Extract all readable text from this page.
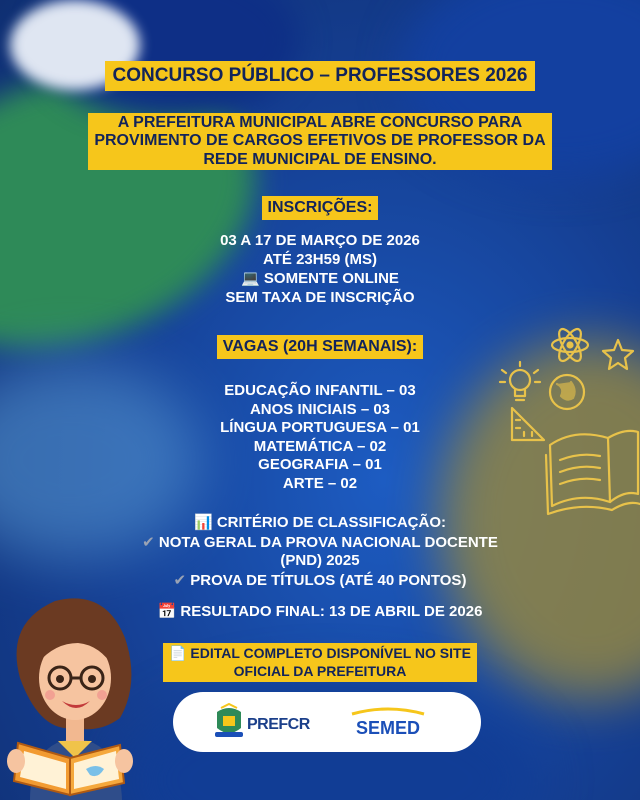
CONCURSO PÚBLICO – PROFESSORES 2026
A PREFEITURA MUNICIPAL ABRE CONCURSO PARA
PROVIMENTO DE CARGOS EFETIVOS DE PROFESSOR DA
REDE MUNICIPAL DE ENSINO.
INSCRIÇÕES:
03 A 17 DE MARÇO DE 2026
ATÉ 23H59 (MS)
💻 SOMENTE ONLINE
SEM TAXA DE INSCRIÇÃO
VAGAS (20H SEMANAIS):
EDUCAÇÃO INFANTIL – 03
ANOS INICIAIS – 03
LÍNGUA PORTUGUESA – 01
MATEMÁTICA – 02
GEOGRAFIA – 01
ARTE – 02
📊 CRITÉRIO DE CLASSIFICAÇÃO:
✔ NOTA GERAL DA PROVA NACIONAL DOCENTE
(PND) 2025
✔ PROVA DE TÍTULOS (ATÉ 40 PONTOS)
📅 RESULTADO FINAL: 13 DE ABRIL DE 2026
📄 EDITAL COMPLETO DISPONÍVEL NO SITE
OFICIAL DA PREFEITURA
PREFCR	SEMED
